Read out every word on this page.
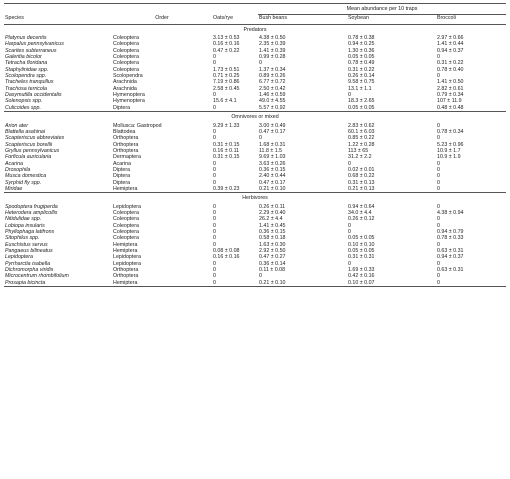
			Mean abundance per 10 traps		
Species	Order	Oats/rye	Bush beans	Soybean	Broccoli
Predators					
Platynus decentis	Coleoptera	3.13 ± 0.53	4.38 ± 0.50	0.78 ± 0.38	2.97 ± 0.66
Harpalus pennsylvanicus	Coleoptera	0.16 ± 0.16	2.35 ± 0.39	0.94 ± 0.25	1.41 ± 0.44
Scarites subterraneus	Coleoptera	0.47 ± 0.22	1.41 ± 0.39	1.30 ± 0.36	0.94 ± 0.37
Galeritia bicolor	Coleoptera	0	0.99 ± 0.28	0.05 ± 0.05	0
Tetracha floridana	Coleoptera	0	0	0.78 ± 0.49	0.31 ± 0.22
Staphylinidae spp.	Coleoptera	1.73 ± 0.51	1.37 ± 0.34	0.31 ± 0.22	0.78 ± 0.40
Scolopendra spp.	Scolopendra	0.71 ± 0.25	0.89 ± 0.26	0.26 ± 0.14	0
Tracheles tranquillus	Arachnida	7.19 ± 0.86	6.77 ± 0.72	9.58 ± 0.75	1.41 ± 0.50
Trachosa terricola	Arachnida	2.58 ± 0.45	2.50 ± 0.42	13.1 ± 1.1	2.82 ± 0.61
Dasymutilla occidentalis	Hymenoptera	0	1.46 ± 0.59	0	0.79 ± 0.34
Solenopsis spp.	Hymenoptera	15.6 ± 4.1	49.0 ± 4.55	18.3 ± 2.65	107 ± 11.9
Culicoides spp.	Diptera	0	5.57 ± 0.92	0.05 ± 0.05	0.48 ± 0.48
Omnivores or mixed					
Arion ater	Mollusca: Gastropod	9.29 ± 1.33	3.00 ± 0.49	2.83 ± 0.62	0
Blattella asahinai	Blattodea	0	0.47 ± 0.17	60.1 ± 6.03	0.78 ± 0.34
Scapteriscus abbreviates	Orthoptera	0	0	0.85 ± 0.22	0
Scapteriscus borellii	Orthoptera	0.31 ± 0.15	1.68 ± 0.31	1.22 ± 0.28	5.23 ± 0.96
Gryllus pennsylvanicus	Orthoptera	0.16 ± 0.11	11.8 ± 1.5	113 ± 65	10.9 ± 1.7
Forficula auricularia	Dermaptera	0.31 ± 0.15	9.69 ± 1.03	31.2 ± 2.2	10.9 ± 1.9
Acarina	Acarina	0	3.63 ± 0.26	0	0
Drosophila	Diptera	0	0.36 ± 0.15	0.02 ± 0.01	0
Musca domestica	Diptera	0	2.40 ± 0.44	0.68 ± 0.22	0
Syrphid fly spp.	Diptera	0	0.47 ± 0.17	0.31 ± 0.13	0
Miridae	Hemiptera	0.39 ± 0.23	0.21 ± 0.10	0.21 ± 0.13	0
Herbivores					
Spodoptera frugiperda	Lepidoptera	0	0.26 ± 0.11	0.94 ± 0.64	0
Heterodera amplicollis	Coleoptera	0	2.29 ± 0.40	34.0 ± 4.4	4.38 ± 0.94
Nitidulidae spp.	Coleoptera	0	26.2 ± 4.4	0.26 ± 0.12	0
Lobiopa insularis	Coleoptera	0	1.41 ± 0.45	0	0
Phyllophaga latifrons	Coleoptera	0	0.36 ± 0.15	0	0.94 ± 0.79
Sitophilus spp.	Coleoptera	0	0.58 ± 0.18	0.05 ± 0.05	0.78 ± 0.33
Euschistus servus	Hemiptera	0	1.63 ± 0.30	0.10 ± 0.10	0
Pangaeus bilineatus	Hemiptera	0.08 ± 0.08	2.92 ± 0.50	0.05 ± 0.05	0.63 ± 0.31
Lepidoptera	Lepidoptera	0.16 ± 0.16	0.47 ± 0.27	0.31 ± 0.31	0.94 ± 0.37
Pyrrharctia isabella	Lepidoptera	0	0.36 ± 0.14	0	0
Dichromorpha viridis	Orthoptera	0	0.11 ± 0.08	1.69 ± 0.33	0.63 ± 0.31
Microcentrum rhombifolium	Orthoptera	0	0	0.42 ± 0.16	0
Prosapia bicincta	Hemiptera	0	0.21 ± 0.10	0.10 ± 0.07	0
